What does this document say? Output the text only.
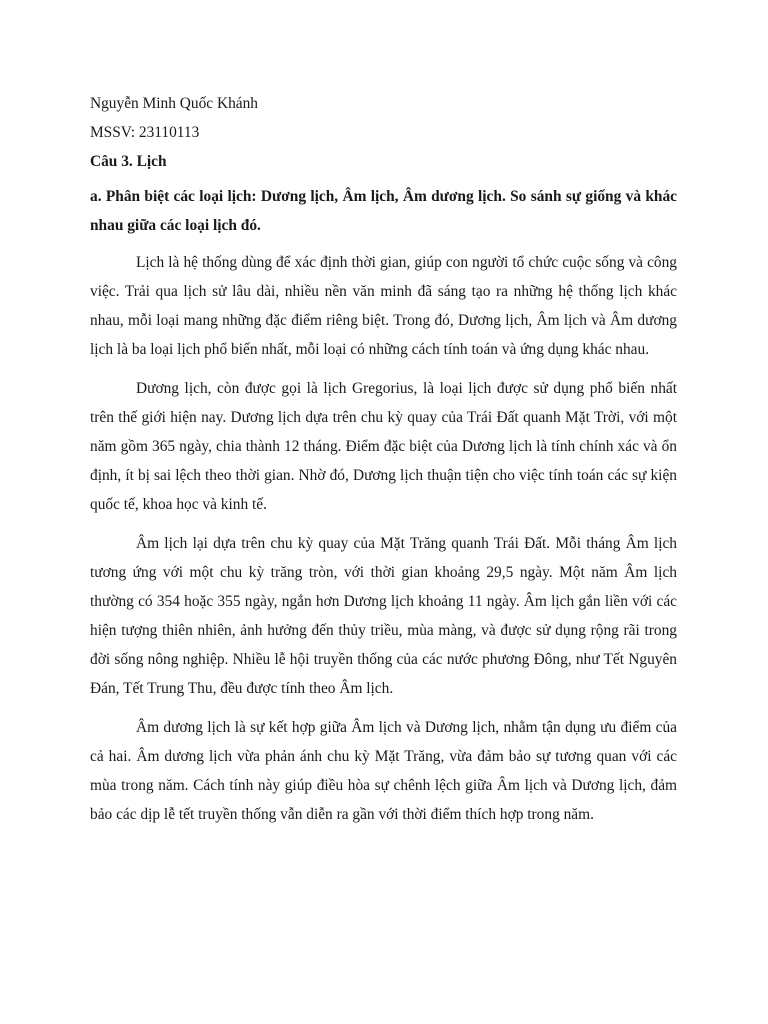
Nguyễn Minh Quốc Khánh

MSSV: 23110113

Câu 3. Lịch

a. Phân biệt các loại lịch: Dương lịch, Âm lịch, Âm dương lịch. So sánh sự giống và khác nhau giữa các loại lịch đó.

Lịch là hệ thống dùng để xác định thời gian, giúp con người tổ chức cuộc sống và công việc. Trải qua lịch sử lâu dài, nhiều nền văn minh đã sáng tạo ra những hệ thống lịch khác nhau, mỗi loại mang những đặc điểm riêng biệt. Trong đó, Dương lịch, Âm lịch và Âm dương lịch là ba loại lịch phổ biến nhất, mỗi loại có những cách tính toán và ứng dụng khác nhau.

Dương lịch, còn được gọi là lịch Gregorius, là loại lịch được sử dụng phổ biến nhất trên thế giới hiện nay. Dương lịch dựa trên chu kỳ quay của Trái Đất quanh Mặt Trời, với một năm gồm 365 ngày, chia thành 12 tháng. Điểm đặc biệt của Dương lịch là tính chính xác và ổn định, ít bị sai lệch theo thời gian. Nhờ đó, Dương lịch thuận tiện cho việc tính toán các sự kiện quốc tế, khoa học và kinh tế.

Âm lịch lại dựa trên chu kỳ quay của Mặt Trăng quanh Trái Đất. Mỗi tháng Âm lịch tương ứng với một chu kỳ trăng tròn, với thời gian khoảng 29,5 ngày. Một năm Âm lịch thường có 354 hoặc 355 ngày, ngắn hơn Dương lịch khoảng 11 ngày. Âm lịch gắn liền với các hiện tượng thiên nhiên, ảnh hưởng đến thủy triều, mùa màng, và được sử dụng rộng rãi trong đời sống nông nghiệp. Nhiều lễ hội truyền thống của các nước phương Đông, như Tết Nguyên Đán, Tết Trung Thu, đều được tính theo Âm lịch.

Âm dương lịch là sự kết hợp giữa Âm lịch và Dương lịch, nhằm tận dụng ưu điểm của cả hai. Âm dương lịch vừa phản ánh chu kỳ Mặt Trăng, vừa đảm bảo sự tương quan với các mùa trong năm. Cách tính này giúp điều hòa sự chênh lệch giữa Âm lịch và Dương lịch, đảm bảo các dịp lễ tết truyền thống vẫn diễn ra gần với thời điểm thích hợp trong năm.
